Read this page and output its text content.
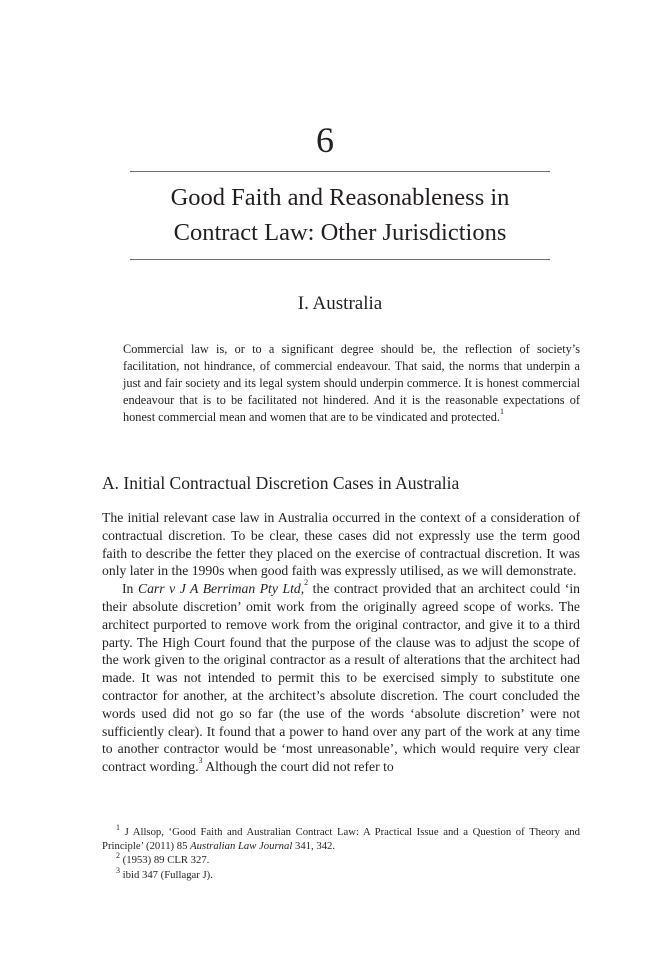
6
Good Faith and Reasonableness in
Contract Law: Other Jurisdictions
I. Australia
Commercial law is, or to a significant degree should be, the reflection of society’s facilitation, not hindrance, of commercial endeavour. That said, the norms that underpin a just and fair society and its legal system should underpin commerce. It is honest commercial endeavour that is to be facilitated not hindered. And it is the reasonable expectations of honest commercial mean and women that are to be vindicated and protected.$^1$
A. Initial Contractual Discretion Cases in Australia

The initial relevant case law in Australia occurred in the context of a consideration of contractual discretion. To be clear, these cases did not expressly use the term good faith to describe the fetter they placed on the exercise of contractual discretion. It was only later in the 1990s when good faith was expressly utilised, as we will demonstrate.

In Carr v J A Berriman Pty Ltd,$^2$ the contract provided that an architect could ‘in their absolute discretion’ omit work from the originally agreed scope of works. The architect purported to remove work from the original contractor, and give it to a third party. The High Court found that the purpose of the clause was to adjust the scope of the work given to the original contractor as a result of alterations that the architect had made. It was not intended to permit this to be exercised simply to substitute one contractor for another, at the architect’s absolute discretion. The court concluded the words used did not go so far (the use of the words ‘absolute discretion’ were not sufficiently clear). It found that a power to hand over any part of the work at any time to another contractor would be ‘most unreasonable’, which would require very clear contract wording.$^3$ Although the court did not refer to

$^1$ J Allsop, ‘Good Faith and Australian Contract Law: A Practical Issue and a Question of Theory and Principle’ (2011) 85 Australian Law Journal 341, 342.
$^2$ (1953) 89 CLR 327.
$^3$ ibid 347 (Fullagar J).
